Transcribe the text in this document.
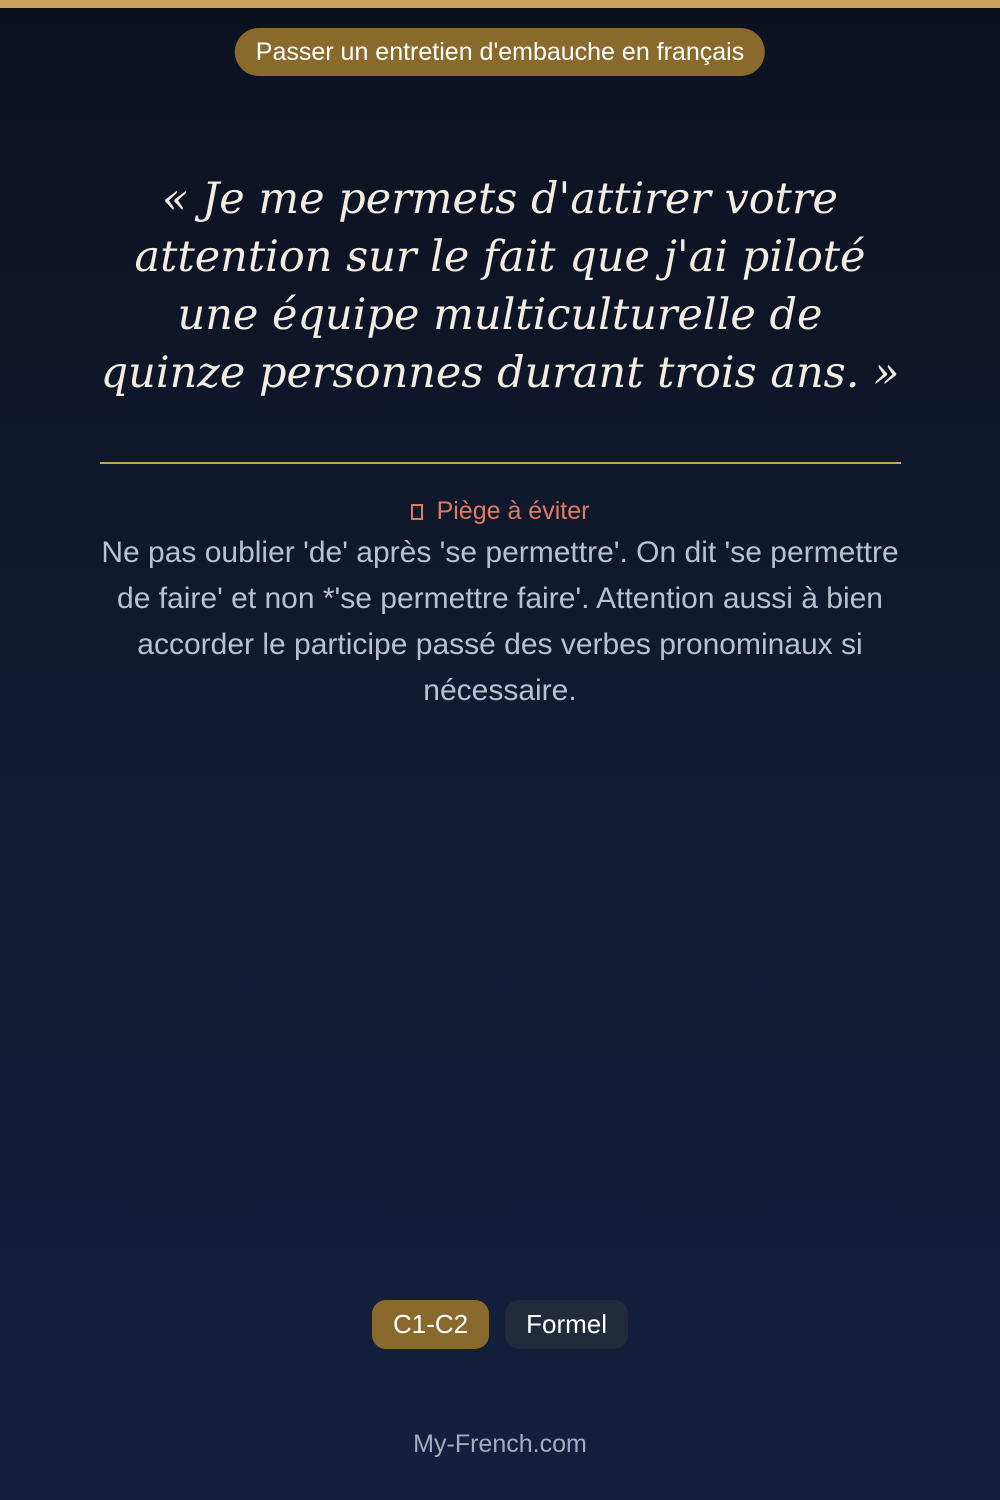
Passer un entretien d'embauche en français

« Je me permets d'attirer votre attention sur le fait que j'ai piloté une équipe multiculturelle de quinze personnes durant trois ans. »

Piège à éviter

Ne pas oublier 'de' après 'se permettre'. On dit 'se permettre de faire' et non *'se permettre faire'. Attention aussi à bien accorder le participe passé des verbes pronominaux si nécessaire.

C1-C2	Formel
My-French.com
